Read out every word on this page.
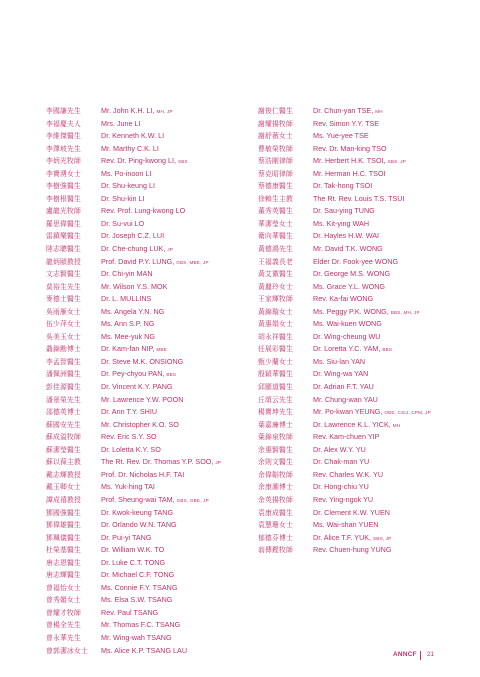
李國謙先生	Mr. John K.H. LI, MH, JP
李福慶夫人	Mrs. June LI
李維傑醫生	Dr. Kenneth K.W. LI
李澤坡先生	Mr. Marthy C.K. LI
李炳光牧師	Rev. Dr. Ping-kwong LI, SBS
李寶湧女士	Ms. Po-inoon LI
李樹強醫生	Dr. Shu-keung LI
李樹根醫生	Dr. Shu-kin LI
盧龍光牧師	Rev. Prof. Lung-kwong LO
羅思偉醫生	Dr. Su-vui LO
雷鎮樂醫生	Dr. Joseph C.Z. LUI
陸志聰醫生	Dr. Che-chung LUK, JP
龍炳頤教授	Prof. David P.Y. LUNG, GBS, MBE, JP
文志賢醫生	Dr. Chi-yin MAN
莫裕生先生	Mr. Wilson Y.S. MOK
麥德士醫生	Dr. L. MULLINS
吳雨雁女士	Ms. Angela Y.N. NG
伍少萍女士	Ms. Ann S.P. NG
吳美玉女士	Ms. Mee-yuk NG
聶錦勳博士	Dr. Kam-fan NIP, MBE
李孟智醫生	Dr. Steve M.K. ONSIONG
潘佩洲醫生	Dr. Pey-chyou PAN, BBS
彭佳源醫生	Dr. Vincent K.Y. PANG
潘景榮先生	Mr. Lawrence Y.W. POON
邵德英博士	Dr. Ann T.Y. SHIU
蘇國安先生	Mr. Christopher K.O. SO
蘇成溢牧師	Rev. Eric S.Y. SO
蘇潔瑩醫生	Dr. Loletta K.Y. SO
蘇以葆主教	The Rt. Rev. Dr. Thomas Y.P. SOO, JP
戴志輝教授	Prof. Dr. Nicholas H.F. TAI
戴玉卿女士	Ms. Yuk-hing TAI
譚成禧教授	Prof. Sheung-wai TAM, GBS, OBE, JP
鄧國強醫生	Dr. Kwok-keung TANG
鄧偉雄醫生	Dr. Orlando W.N. TANG
鄧珮儀醫生	Dr. Pui-yi TANG
杜榮基醫生	Dr. William W.K. TO
唐志恩醫生	Dr. Luke C.T. TONG
唐志輝醫生	Dr. Michael C.F. TONG
曾福怡女士	Ms. Connie F.Y. TSANG
曾秀媚女士	Ms. Elsa S.W. TSANG
曾耀才牧師	Rev. Paul TSANG
曾楊全先生	Mr. Thomas F.C. TSANG
曾永華先生	Mr. Wing-wah TSANG
曾郭潔冰女士	Ms. Alice K.P. TSANG LAU
謝俊仁醫生	Dr. Chun-yan TSE, MH
謝耀揚牧師	Rev. Simon Y.Y. TSE
謝舒薇女士	Ms. Yue-yee TSE
曹敏榮牧師	Rev. Dr. Man-king TSO
蔡浩剛律師	Mr. Herbert H.K. TSOI, SBS, JP
蔡克昭律師	Mr. Herman H.C. TSOI
蔡德康醫生	Dr. Tak-hong TSOI
徐賴生主教	The Rt. Rev. Louis T.S. TSUI
董秀英醫生	Dr. Sau-ying TUNG
華潔瑩女士	Ms. Kit-ying WAH
衛向華醫生	Dr. Hayles H.W. WAI
黃德鴻先生	Mr. David T.K. WONG
王福義長老	Elder Dr. Fook-yee WONG
黃艾徽醫生	Dr. George M.S. WONG
黃麗玲女士	Ms. Grace Y.L. WONG
王家輝牧師	Rev. Ka-fai WONG
黃錦璇女士	Ms. Peggy P.K. WONG, BBS, MH, JP
黃惠娟女士	Ms. Wai-kuen WONG
胡永祥醫生	Dr. Wing-cheung WU
任展彩醫生	Dr. Loretta Y.C. YAM, BBS
甄少蘭女士	Ms. Siu-lan YAN
殷穎華醫生	Dr. Wing-wa YAN
邱顯道醫生	Dr. Adrian F.T. YAU
丘頌云先生	Mr. Chung-wan YAU
楊寶坤先生	Mr. Po-kwan YEUNG, OBE, CStJ, CPM, JP
葉嘉廉博士	Dr. Lawrence K.L. YICK, MH
葉錦泉牧師	Rev. Kam-chuen YIP
余惠賢醫生	Dr. Alex W.Y. YU
余則文醫生	Dr. Chak-man YU
余偉韜牧師	Rev. Charles W.K. YU
余康潮博士	Dr. Hong-chiu YU
余英揚牧師	Rev. Ying-ngok YU
袁康成醫生	Dr. Clement K.W. YUEN
袁慧珊女士	Ms. Wai-shan YUEN
郁德芬博士	Dr. Alice T.F. YUK, SBS, JP
翁傳鏗牧師	Rev. Chuen-hung YUNG
ANNCF 21
